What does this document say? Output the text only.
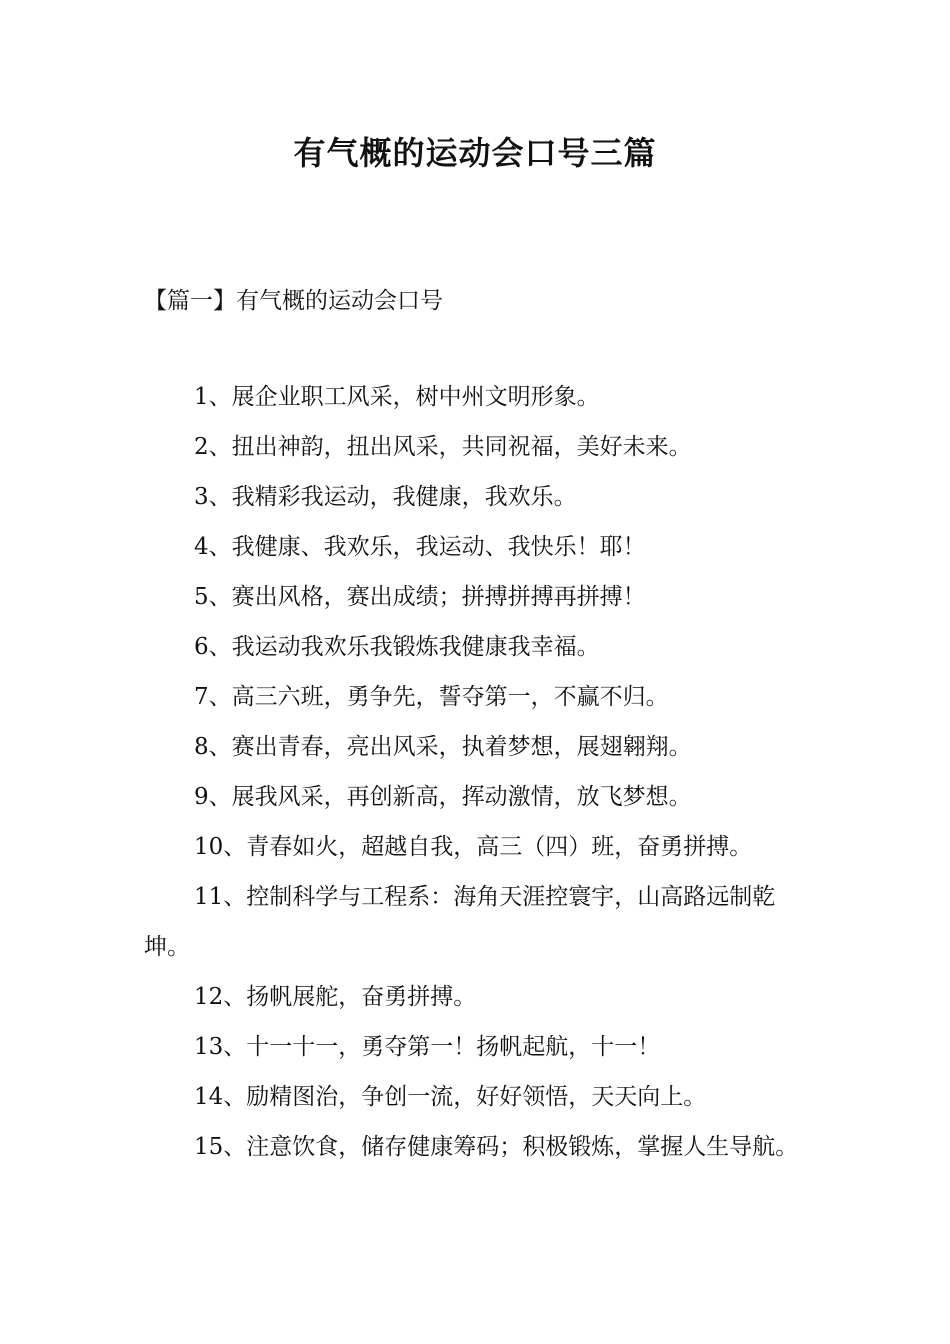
有气概的运动会口号三篇

【篇一】有气概的运动会口号

1、展企业职工风采，树中州文明形象。
2、扭出神韵，扭出风采，共同祝福，美好未来。
3、我精彩我运动，我健康，我欢乐。
4、我健康、我欢乐，我运动、我快乐！耶！
5、赛出风格，赛出成绩；拼搏拼搏再拼搏！
6、我运动我欢乐我锻炼我健康我幸福。
7、高三六班，勇争先，誓夺第一，不赢不归。
8、赛出青春，亮出风采，执着梦想，展翅翱翔。
9、展我风采，再创新高，挥动激情，放飞梦想。
10、青春如火，超越自我，高三（四）班，奋勇拼搏。
11、控制科学与工程系：海角天涯控寰宇，山高路远制乾坤。
12、扬帆展舵，奋勇拼搏。
13、十一十一，勇夺第一！扬帆起航，十一！
14、励精图治，争创一流，好好领悟，天天向上。
15、注意饮食，储存健康筹码；积极锻炼，掌握人生导航。
